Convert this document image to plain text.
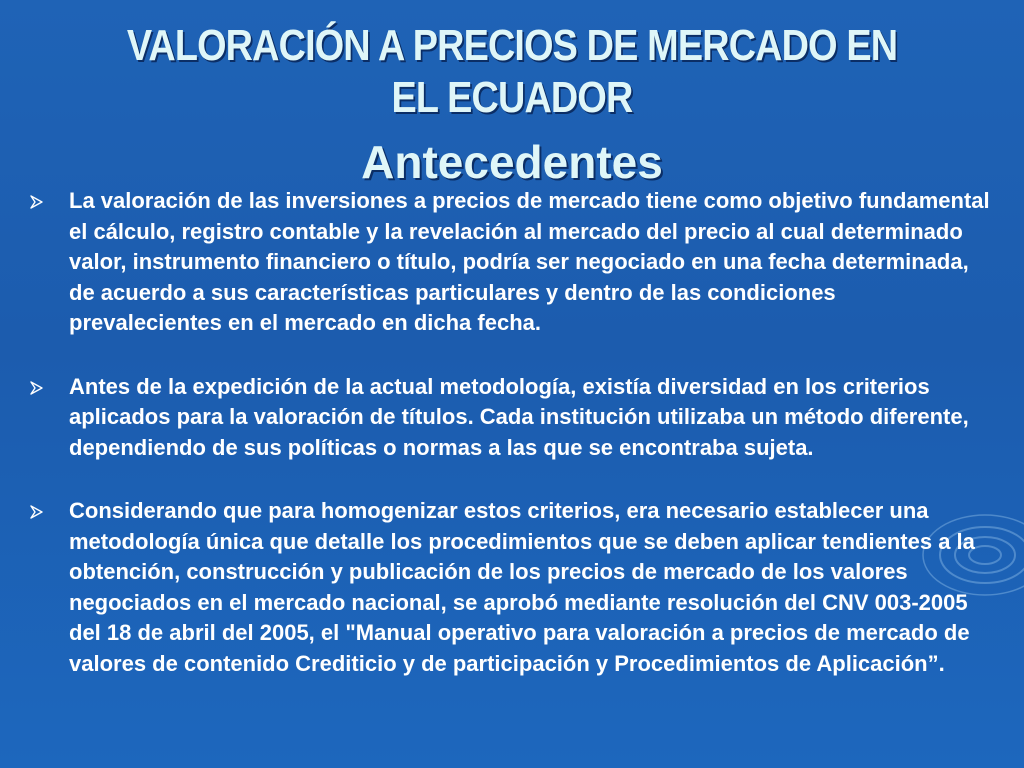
VALORACIÓN A PRECIOS DE MERCADO EN EL ECUADOR
Antecedentes
La valoración de las inversiones a precios de mercado tiene como objetivo fundamental el cálculo, registro contable y la revelación al mercado del precio al cual determinado valor, instrumento financiero o título, podría ser negociado en una fecha determinada, de acuerdo a sus características particulares y dentro de las condiciones prevalecientes en el mercado en dicha fecha.
Antes de la expedición de la actual metodología, existía diversidad en los criterios aplicados para la valoración de títulos. Cada institución utilizaba un método diferente, dependiendo de sus políticas o normas a las que se encontraba sujeta.
Considerando que para homogenizar estos criterios, era necesario establecer una metodología única que detalle los procedimientos que se deben aplicar tendientes a la obtención, construcción y publicación de los precios de mercado de los valores negociados en el mercado nacional, se aprobó mediante resolución del CNV 003-2005 del 18 de abril del 2005, el "Manual operativo para valoración a precios de mercado de valores de contenido Crediticio y de participación y Procedimientos de Aplicación”.
